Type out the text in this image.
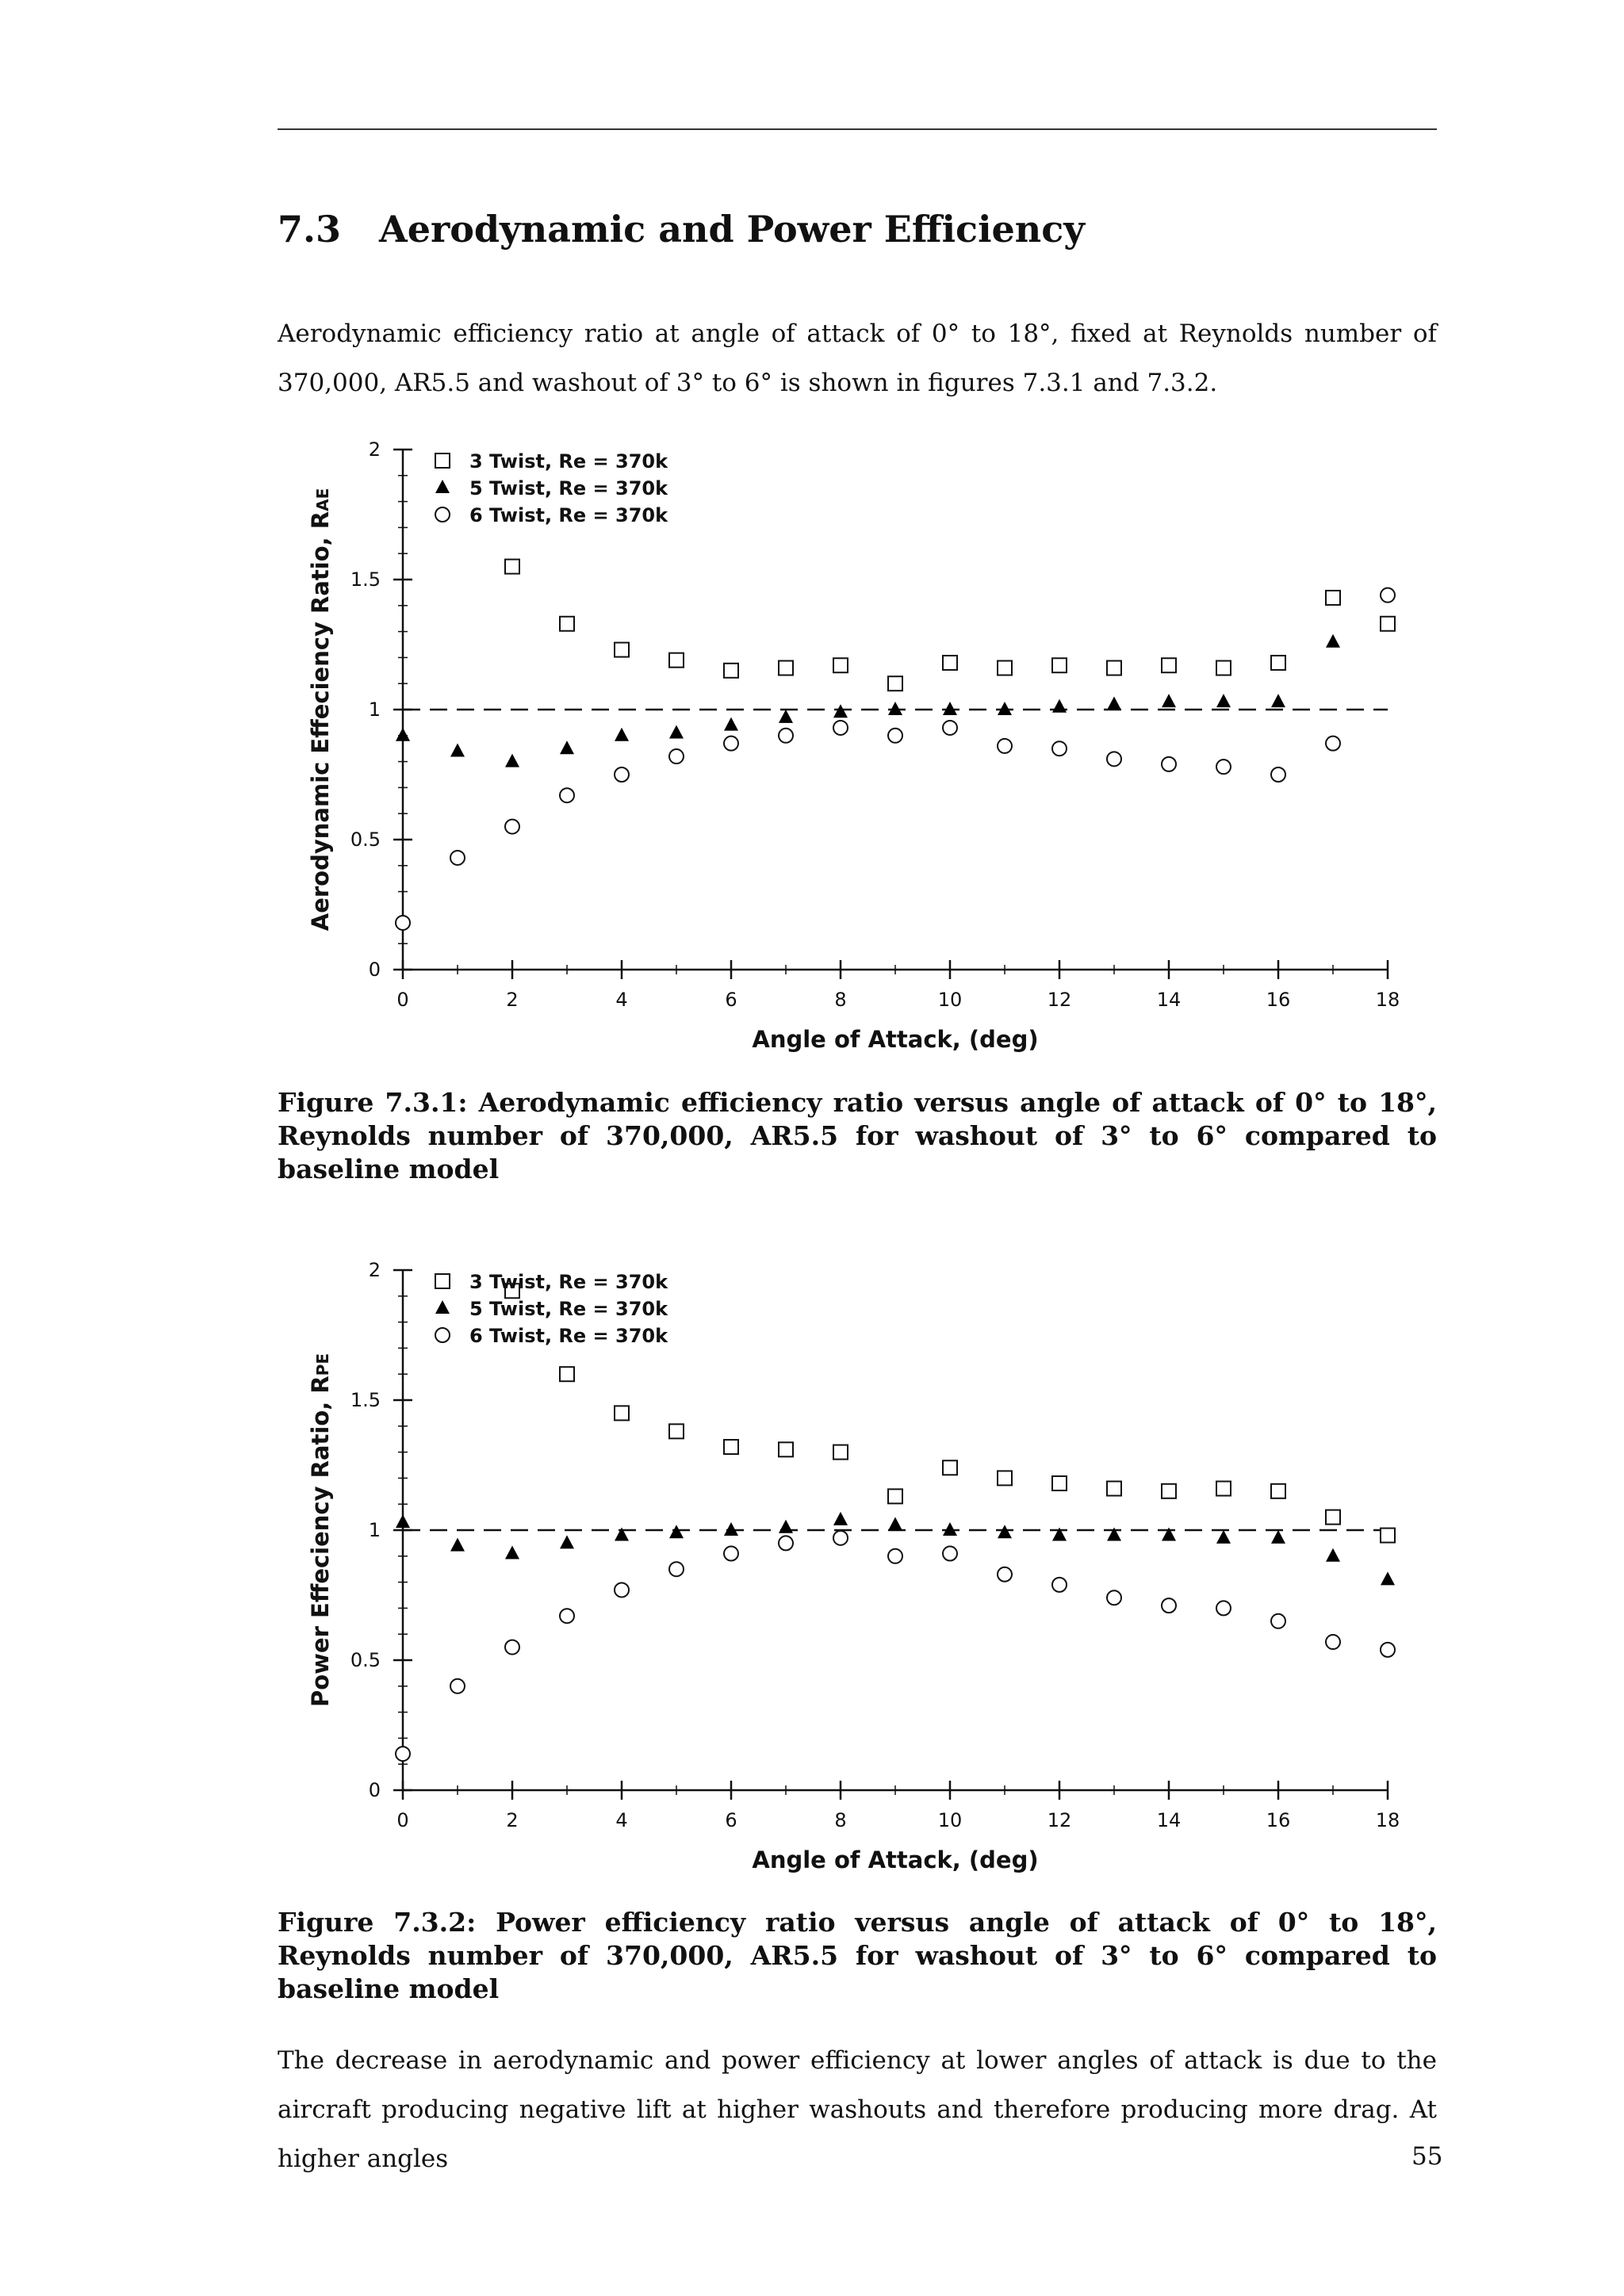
7.3 Aerodynamic and Power Efficiency

Aerodynamic efficiency ratio at angle of attack of 0° to 18°, fixed at Reynolds number of 370,000, AR5.5 and washout of 3° to 6° is shown in figures 7.3.1 and 7.3.2.

0
0.5
1
1.5
2
0	2	4	6	8	10	12	14	16	18
Angle of Attack, (deg)
Aerodynamic Effeciency Ratio, RAE
3 Twist, Re = 370k
5 Twist, Re = 370k
6 Twist, Re = 370k
Figure 7.3.1: Aerodynamic efficiency ratio versus angle of attack of 0° to 18°, Reynolds number of 370,000, AR5.5 for washout of 3° to 6° compared to baseline model
0
0.5
1
1.5
2
0	2	4	6	8	10	12	14	16	18
Angle of Attack, (deg)
Power Effeciency Ratio, RPE
3 Twist, Re = 370k
5 Twist, Re = 370k
6 Twist, Re = 370k
Figure 7.3.2: Power efficiency ratio versus angle of attack of 0° to 18°, Reynolds number of 370,000, AR5.5 for washout of 3° to 6° compared to baseline model

The decrease in aerodynamic and power efficiency at lower angles of attack is due to the aircraft producing negative lift at higher washouts and therefore producing more drag. At higher angles	55
